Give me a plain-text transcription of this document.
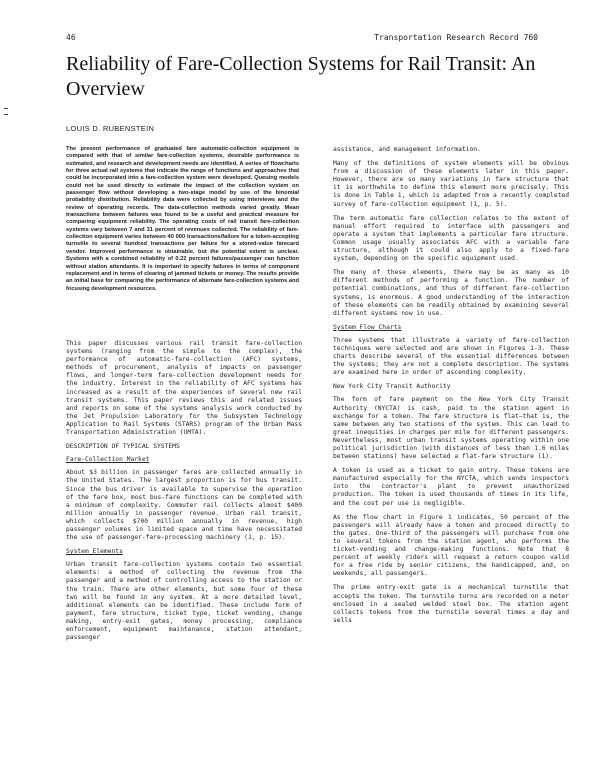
46	Transportation Research Record 760
Reliability of Fare-Collection Systems for Rail Transit: An Overview
LOUIS D. RUBENSTEIN

The present performance of graduated fare automatic-collection equipment is compared with that of similar fare-collection systems, desirable performance is estimated, and research and development needs are identified. A series of flowcharts for three actual rail systems that indicate the range of functions and approaches that could be incorporated into a fare-collection system were developed. Queuing models could not be used directly to estimate the impact of the collection system on passenger flow without developing a two-stage model by use of the binomial probability distribution. Reliability data were collected by using interviews and the review of operating records. The data-collection methods varied greatly. Mean transactions between failures was found to be a useful and practical measure for comparing equipment reliability. The operating costs of rail transit fare-collection systems vary between 7 and 31 percent of revenues collected. The reliability of fare-collection equipment varies between 40 000 transactions/failure for a token-accepting turnstile to several hundred transactions per failure for a stored-value farecard vendor. Improved performance is obtainable, but the potential extent is unclear. Systems with a combined reliability of 0.22 percent failures/passenger can function without station attendants. It is important to specify failures in terms of component replacement and in terms of clearing of jammed tickets or money. The results provide an initial base for comparing the performance of alternate fare-collection systems and focusing development resources.

This paper discusses various rail transit fare-collection systems (ranging from the simple to the complex), the performance of automatic-fare-collection (AFC) systems, methods of procurement, analysis of impacts on passenger flows, and longer-term fare-collection development needs for the industry. Interest in the reliability of AFC systems has increased as a result of the experiences of several new rail transit systems. This paper reviews this and related issues and reports on some of the systems analysis work conducted by the Jet Propulsion Laboratory for the Subsystem Technology Application to Rail Systems (STARS) program of the Urban Mass Transportation Administration (UMTA).

DESCRIPTION OF TYPICAL SYSTEMS
Fare-Collection Market

About $3 billion in passenger fares are collected annually in the United States. The largest proportion is for bus transit. Since the bus driver is available to supervise the operation of the fare box, most bus-fare functions can be completed with a minimum of complexity. Commuter rail collects almost $400 million annually in passenger revenue. Urban rail transit, which collects $700 million annually in revenue, high passenger volumes in limited space and time have necessitated the use of passenger-fare-processing machinery (1, p. 15).

System Elements

Urban transit fare-collection systems contain two essential elements: a method of collecting the revenue from the passenger and a method of controlling access to the station or the train. There are other elements, but some four of these two will be found in any system. At a more detailed level, additional elements can be identified. These include form of payment, fare structure, ticket type, ticket vending, change making, entry-exit gates, money processing, compliance enforcement, equipment maintenance, station attendant, passenger

assistance, and management information.

Many of the definitions of system elements will be obvious from a discussion of these elements later in this paper. However, there are so many variations in fare structure that it is worthwhile to define this element more precisely. This is done in Table 1, which is adapted from a recently completed survey of fare-collection equipment (1, p. 5).

The term automatic fare collection relates to the extent of manual effort required to interface with passengers and operate a system that implements a particular fare structure. Common usage usually associates AFC with a variable fare structure, although it could also apply to a fixed-fare system, depending on the specific equipment used.

The many of these elements, there may be as many as 10 different methods of performing a function. The number of potential combinations, and thus of different fare-collection systems, is enormous. A good understanding of the interaction of these elements can be readily obtained by examining several different systems now in use.

System Flow Charts

Three systems that illustrate a variety of fare-collection techniques were selected and are shown in Figures 1-3. These charts describe several of the essential differences between the systems; they are not a complete description. The systems are examined here in order of ascending complexity.

New York City Transit Authority

The form of fare payment on the New York City Transit Authority (NYCTA) is cash, paid to the station agent in exchange for a token. The fare structure is flat—that is, the same between any two stations of the system. This can lead to great inequities in charges per mile for different passengers. Nevertheless, most urban transit systems operating within one political jurisdiction (with distances of less than 1.6 miles between stations) have selected a flat-fare structure (1).

A token is used as a ticket to gain entry. These tokens are manufactured especially for the NYCTA, which sends inspectors into the contractor's plant to prevent unauthorized production. The token is used thousands of times in its life, and the cost per use is negligible.

As the flow chart in Figure 1 indicates, 50 percent of the passengers will already have a token and proceed directly to the gates. One-third of the passengers will purchase from one to several tokens from the station agent, who performs the ticket-vending and change-making functions. Note that 8 percent of weekly riders will request a return coupon valid for a free ride by senior citizens, the handicapped, and, on weekends, all passengers.

The prime entry-exit gate is a mechanical turnstile that accepts the token. The turnstile turns are recorded on a meter enclosed in a sealed welded steel box. The station agent collects tokens from the turnstile several times a day and sells
